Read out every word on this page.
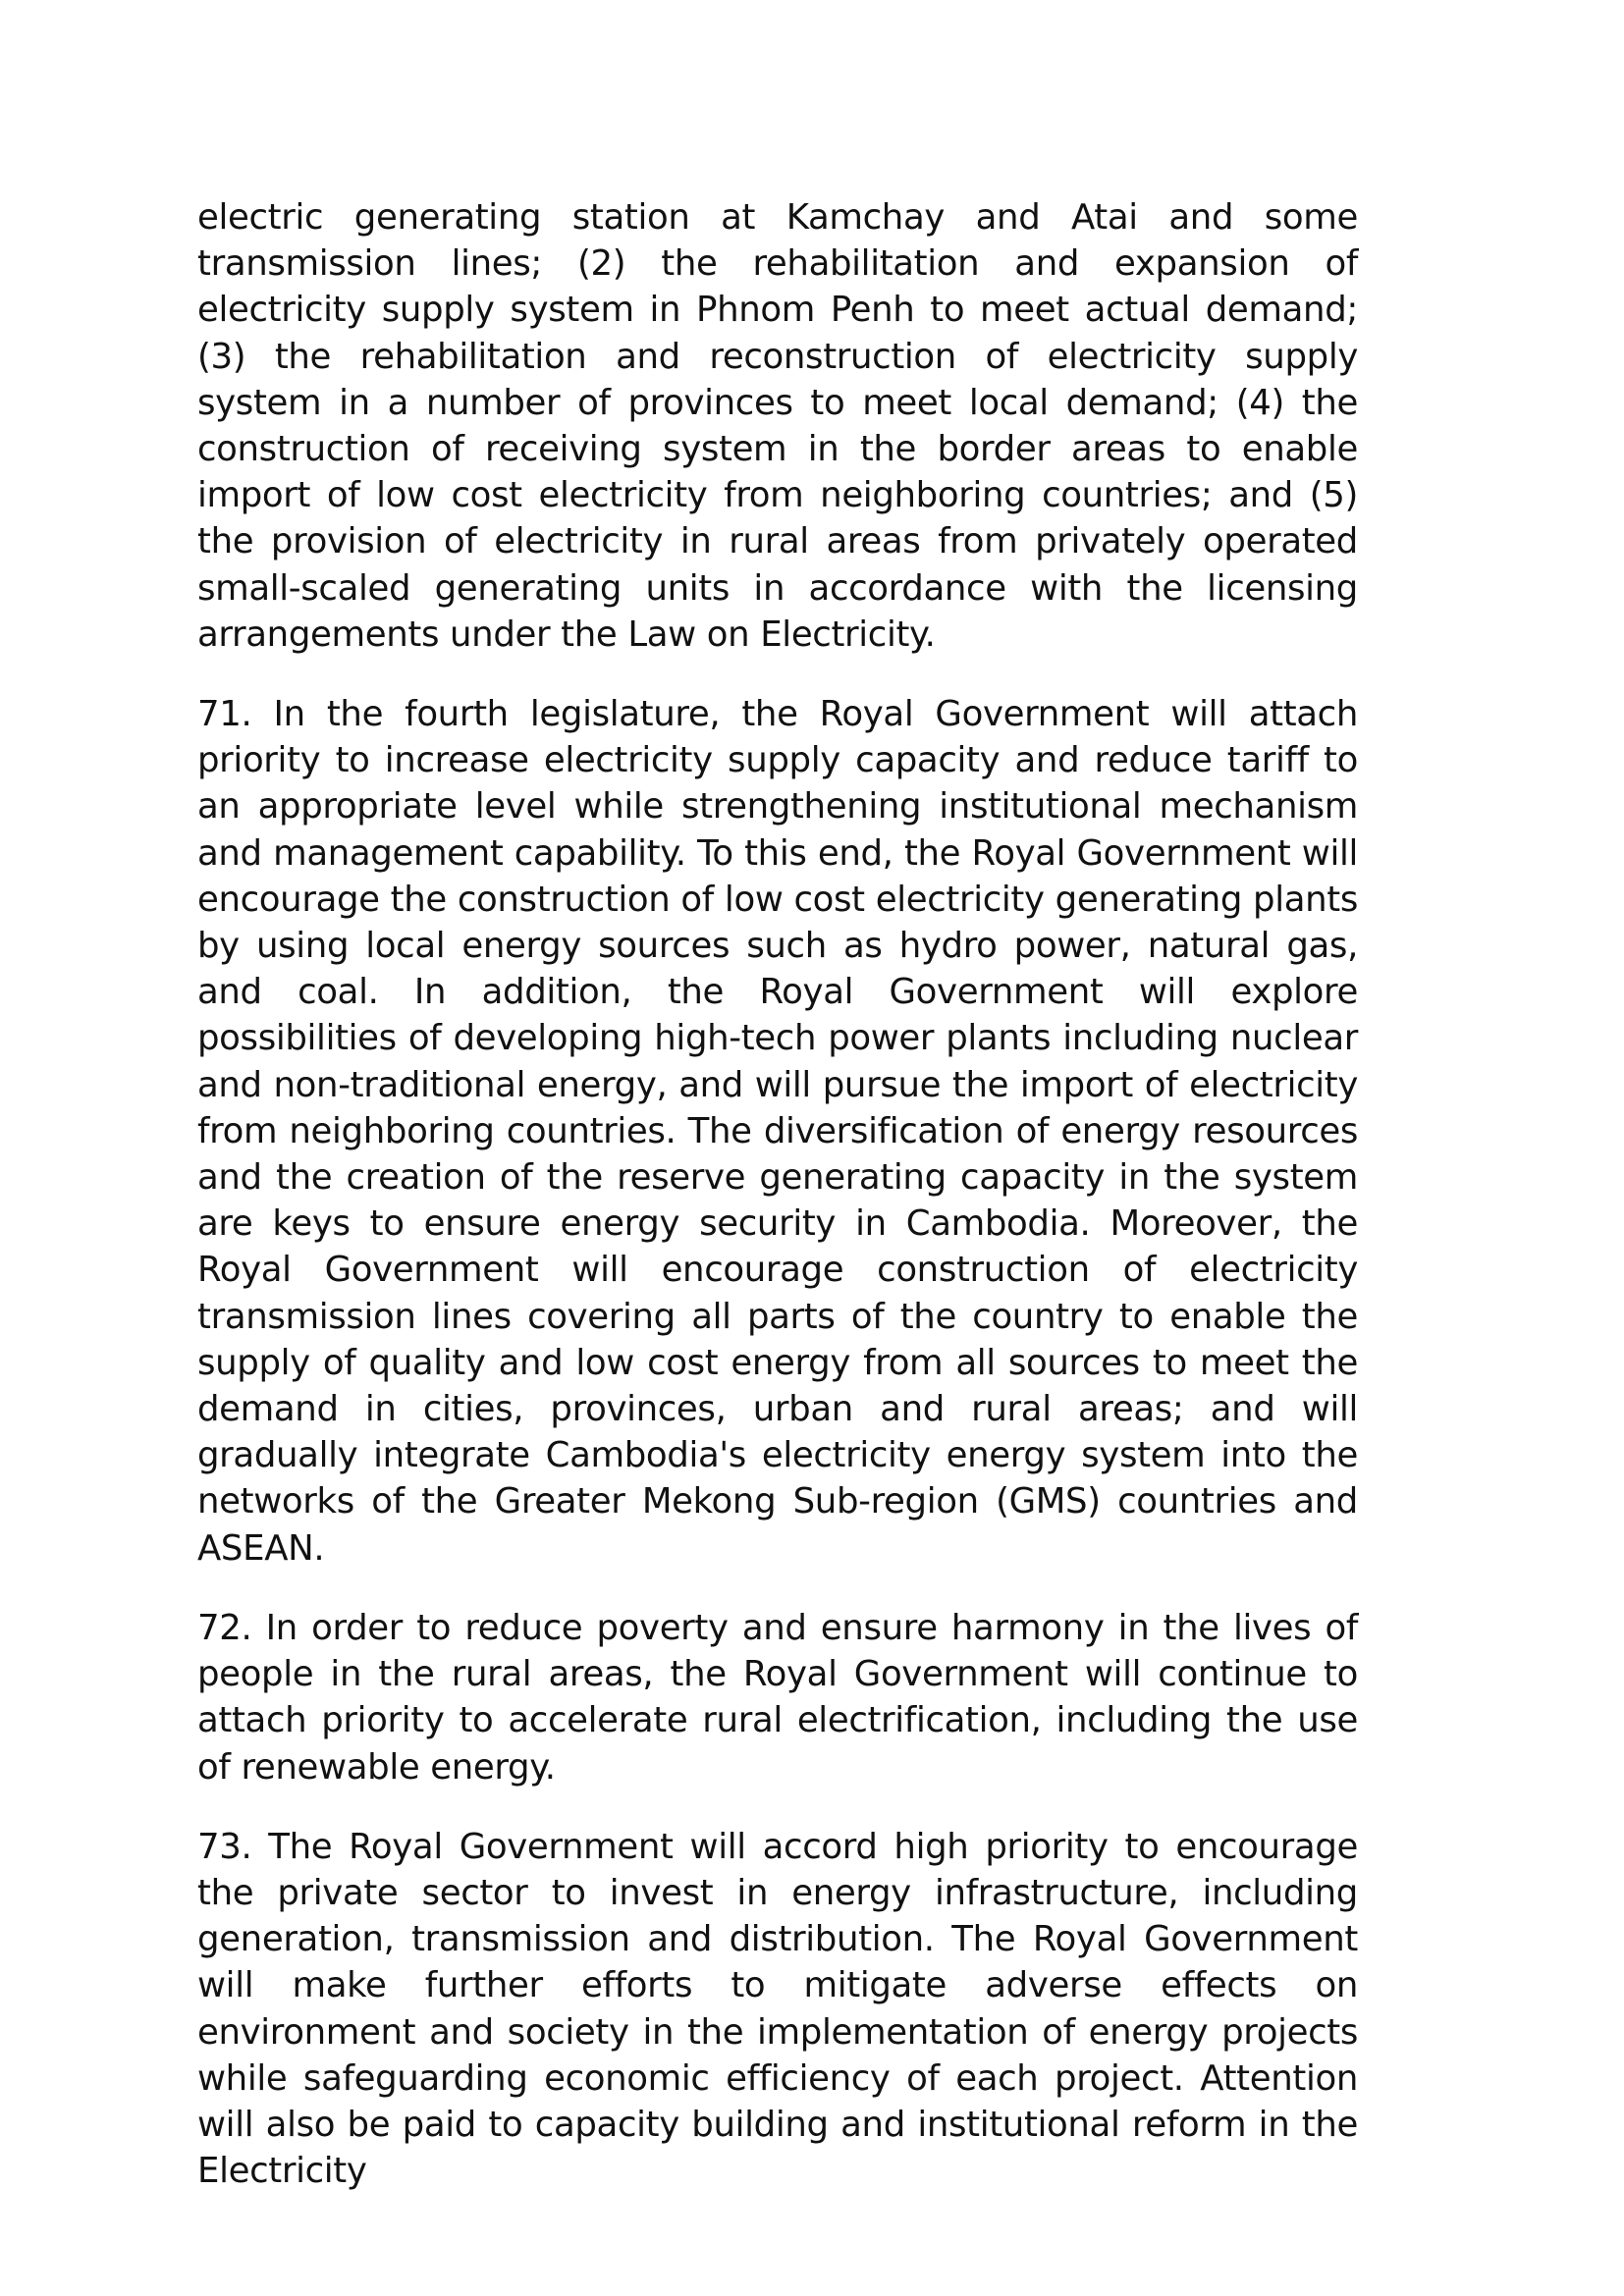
electric generating station at Kamchay and Atai and some transmission lines; (2) the rehabilitation and expansion of electricity supply system in Phnom Penh to meet actual demand; (3) the rehabilitation and reconstruction of electricity supply system in a number of provinces to meet local demand; (4) the construction of receiving system in the border areas to enable import of low cost electricity from neighboring countries; and (5) the provision of electricity in rural areas from privately operated small-scaled generating units in accordance with the licensing arrangements under the Law on Electricity.

71. In the fourth legislature, the Royal Government will attach priority to increase electricity supply capacity and reduce tariff to an appropriate level while strengthening institutional mechanism and management capability. To this end, the Royal Government will encourage the construction of low cost electricity generating plants by using local energy sources such as hydro power, natural gas, and coal. In addition, the Royal Government will explore possibilities of developing high-tech power plants including nuclear and non-traditional energy, and will pursue the import of electricity from neighboring countries. The diversification of energy resources and the creation of the reserve generating capacity in the system are keys to ensure energy security in Cambodia. Moreover, the Royal Government will encourage construction of electricity transmission lines covering all parts of the country to enable the supply of quality and low cost energy from all sources to meet the demand in cities, provinces, urban and rural areas; and will gradually integrate Cambodia's electricity energy system into the networks of the Greater Mekong Sub-region (GMS) countries and ASEAN.

72. In order to reduce poverty and ensure harmony in the lives of people in the rural areas, the Royal Government will continue to attach priority to accelerate rural electrification, including the use of renewable energy.

73. The Royal Government will accord high priority to encourage the private sector to invest in energy infrastructure, including generation, transmission and distribution. The Royal Government will make further efforts to mitigate adverse effects on environment and society in the implementation of energy projects while safeguarding economic efficiency of each project. Attention will also be paid to capacity building and institutional reform in the Electricity
